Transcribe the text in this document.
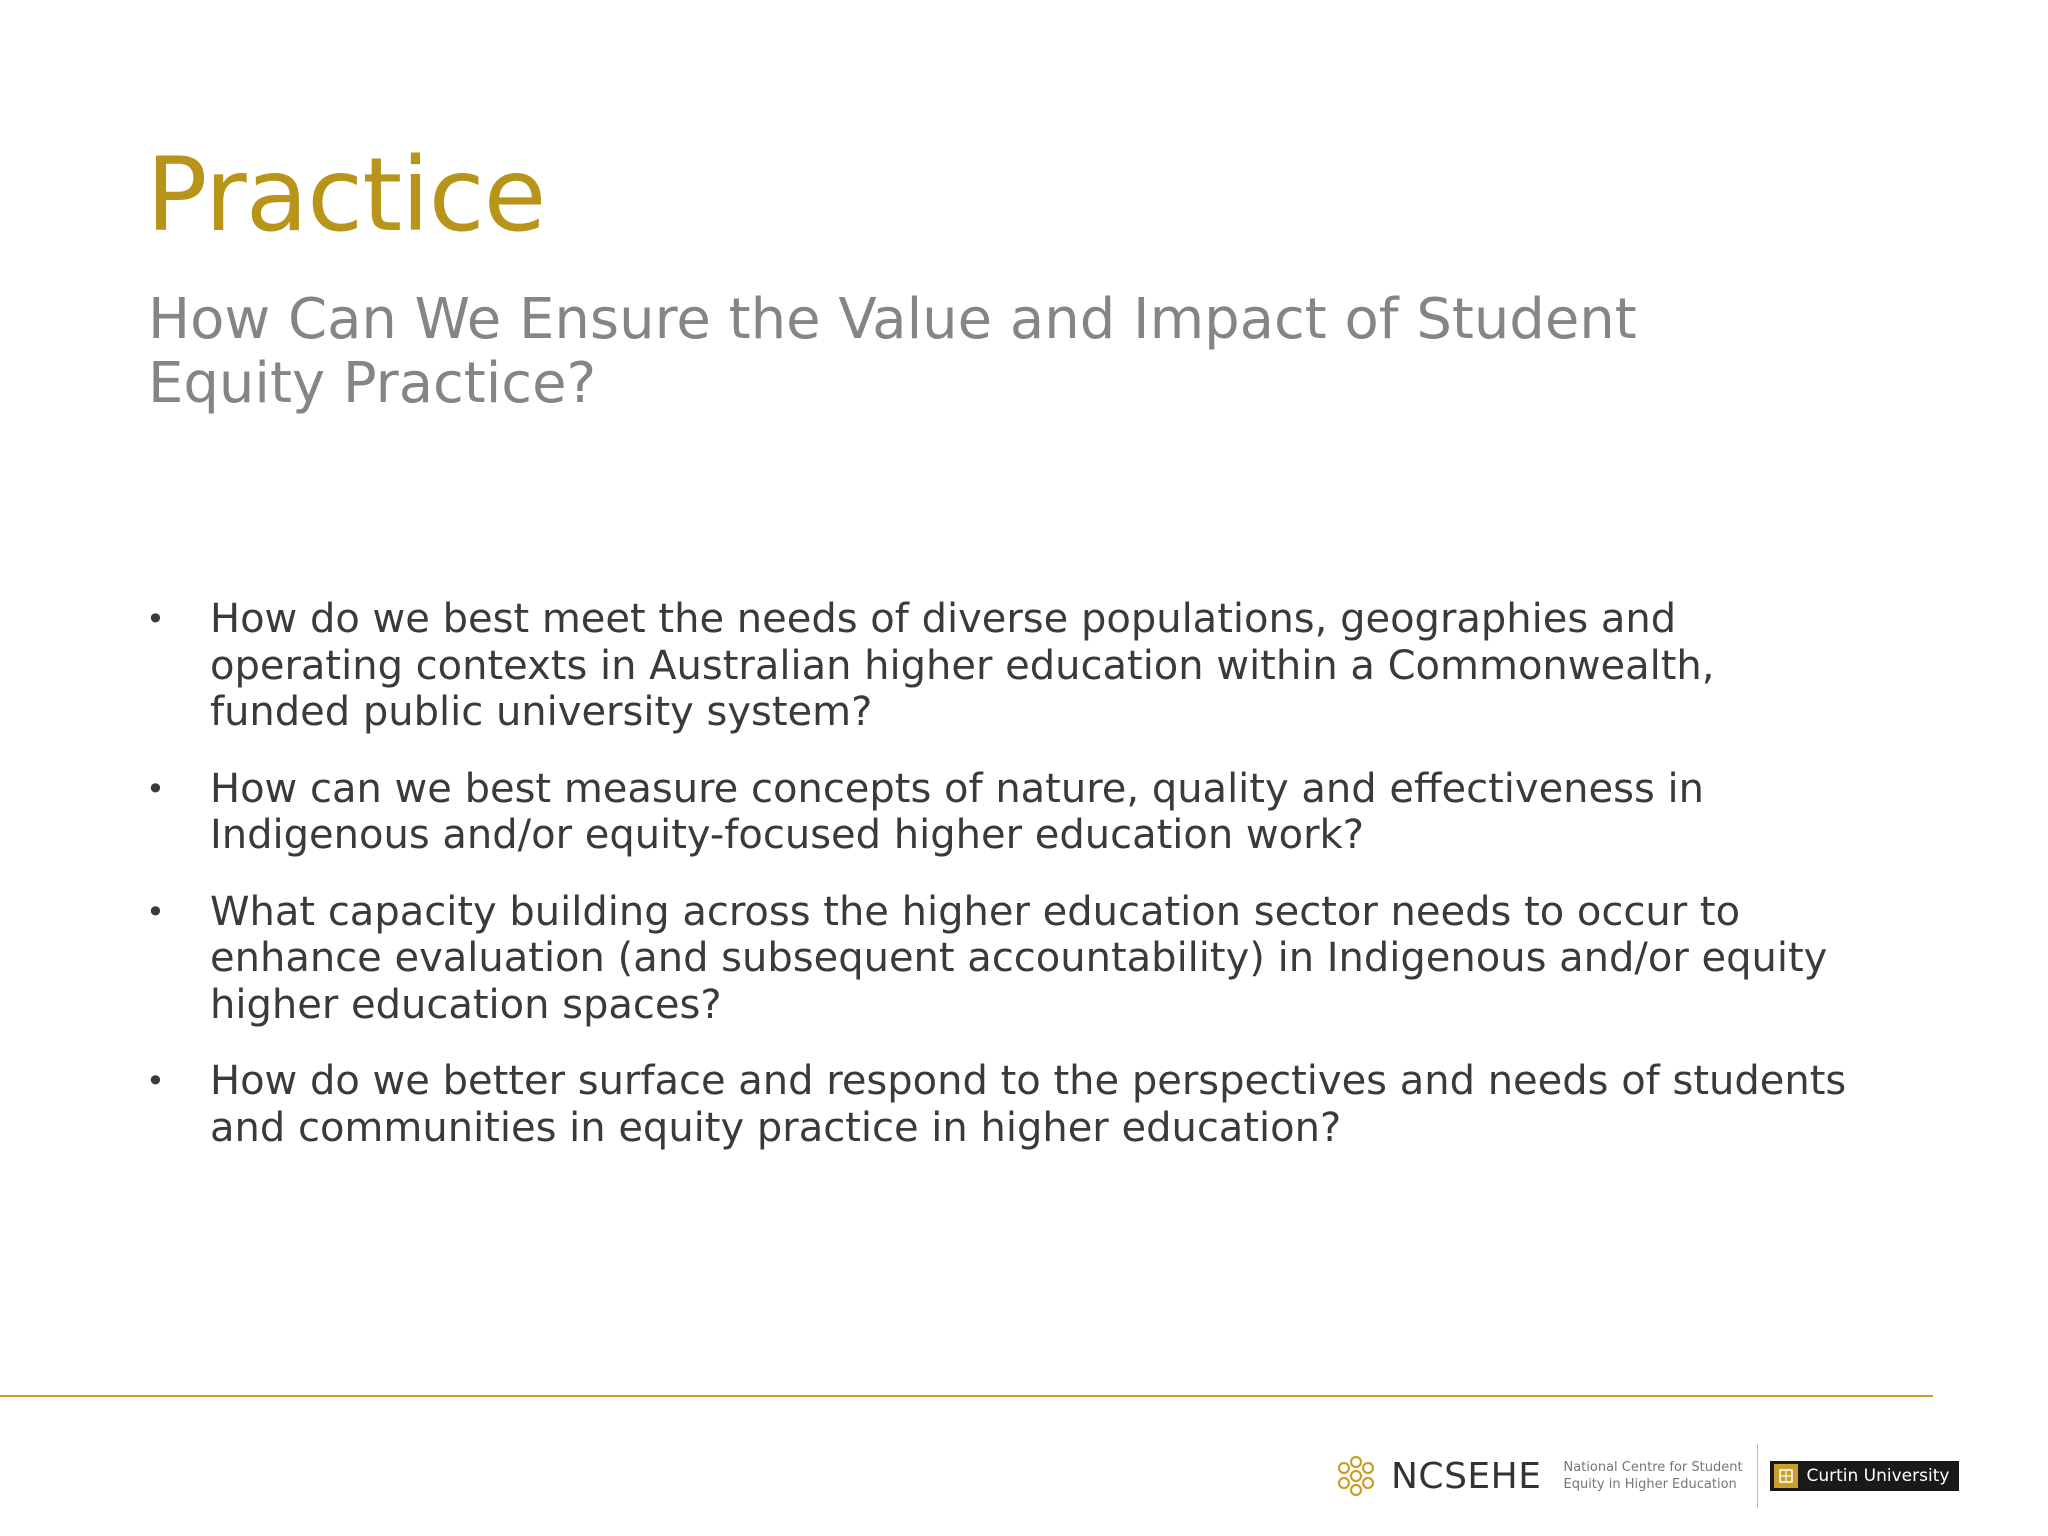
Practice
How Can We Ensure the Value and Impact of Student
Equity Practice?
• How do we best meet the needs of diverse populations, geographies and
operating contexts in Australian higher education within a Commonwealth,
funded public university system?
• How can we best measure concepts of nature, quality and effectiveness in
Indigenous and/or equity-focused higher education work?
• What capacity building across the higher education sector needs to occur to
enhance evaluation (and subsequent accountability) in Indigenous and/or equity
higher education spaces?
• How do we better surface and respond to the perspectives and needs of students
and communities in equity practice in higher education?
NCSEHE National Centre for Student
Equity in Higher Education	Curtin University
